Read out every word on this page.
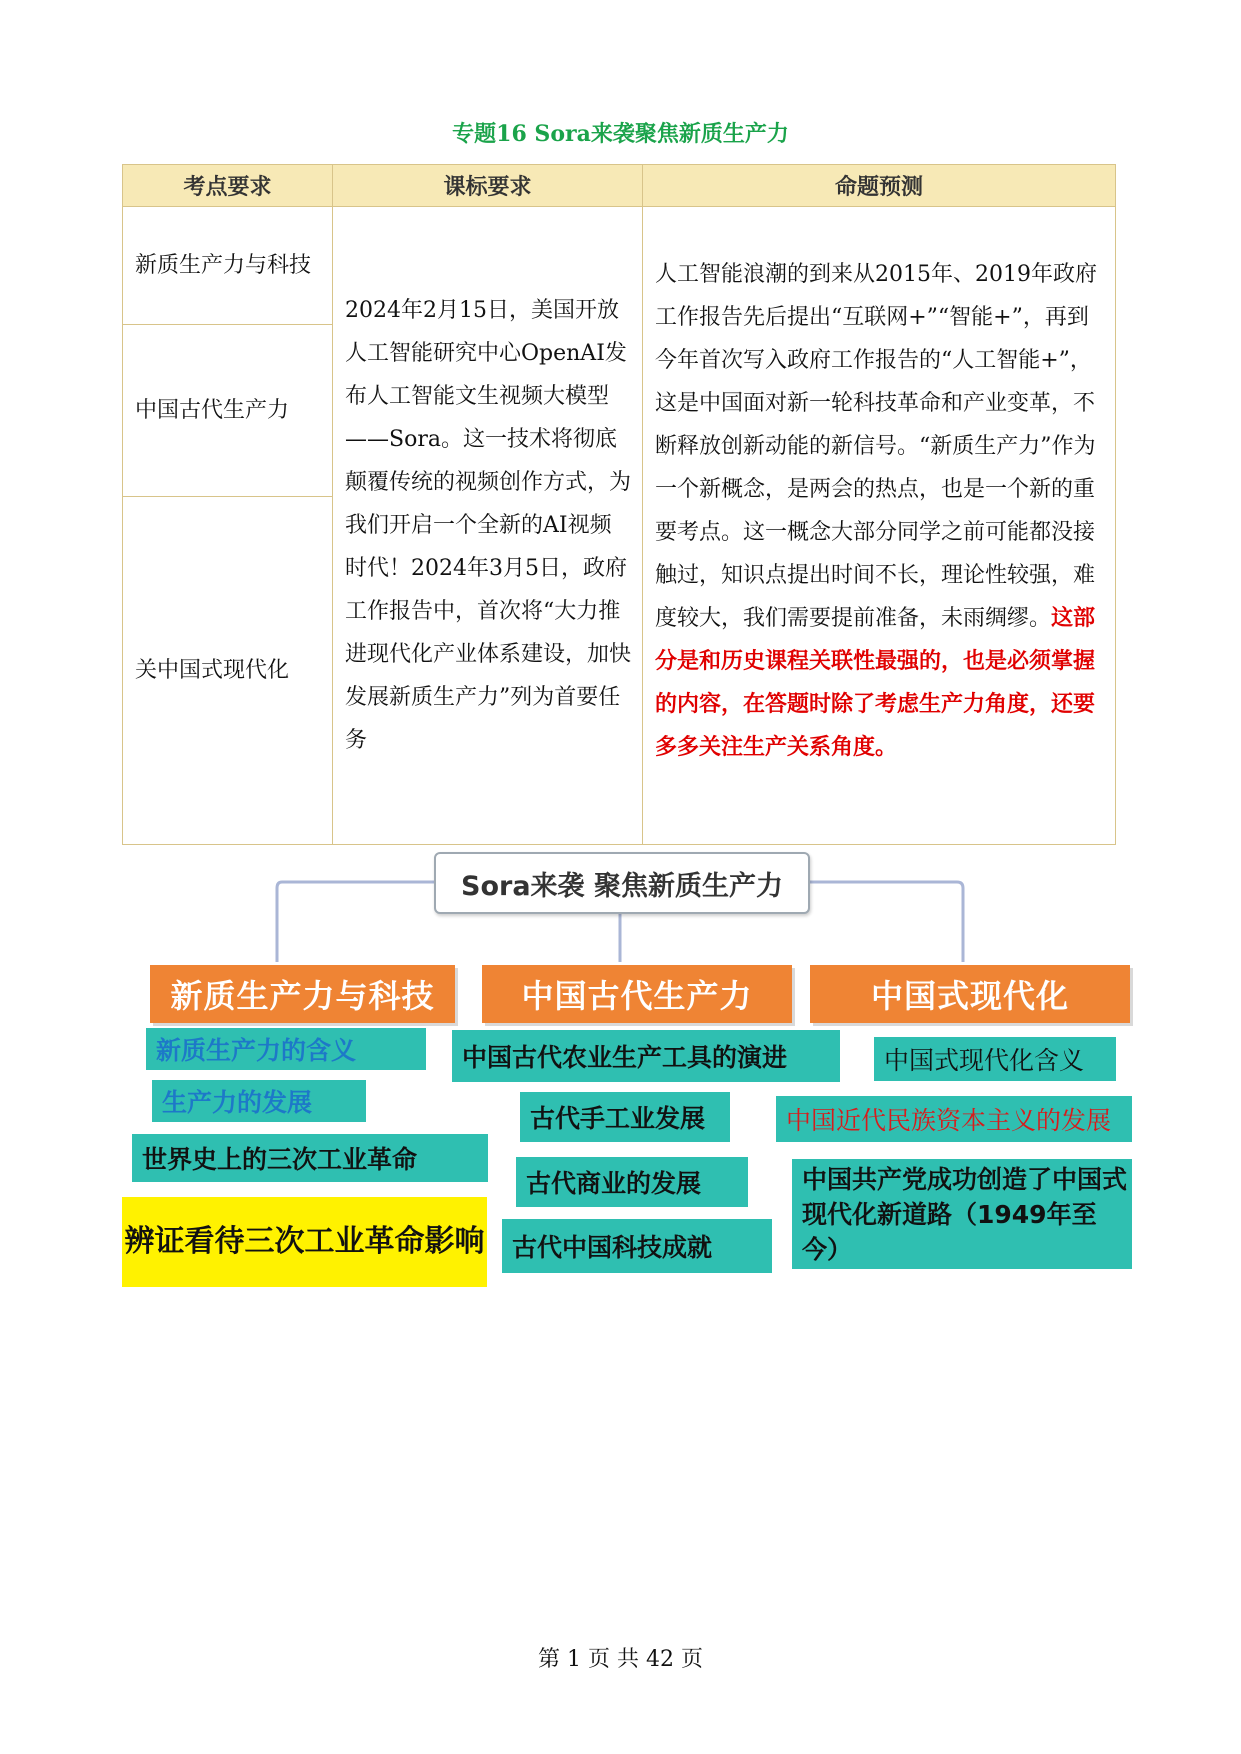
专题16 Sora来袭聚焦新质生产力
考点要求	课标要求	命题预测
新质生产力与科技	2024年2月15日，美国开放人工智能研究中心OpenAI发布人工智能文生视频大模型——Sora。这一技术将彻底颠覆传统的视频创作方式，为我们开启一个全新的AI视频时代！2024年3月5日，政府工作报告中，首次将“大力推进现代化产业体系建设，加快发展新质生产力”列为首要任务	人工智能浪潮的到来从2015年、2019年政府工作报告先后提出“互联网+”“智能+”，再到今年首次写入政府工作报告的“人工智能+”，这是中国面对新一轮科技革命和产业变革，不断释放创新动能的新信号。“新质生产力”作为一个新概念，是两会的热点，也是一个新的重要考点。这一概念大部分同学之前可能都没接触过，知识点提出时间不长，理论性较强，难度较大，我们需要提前准备，未雨绸缪。这部分是和历史课程关联性最强的，也是必须掌握的内容，在答题时除了考虑生产力角度，还要多多关注生产关系角度。
中国古代生产力		
关中国式现代化		
Sora来袭 聚焦新质生产力
新质生产力与科技	中国古代生产力	中国式现代化
新质生产力的含义
生产力的发展
世界史上的三次工业革命
辨证看待三次工业革命影响
中国古代农业生产工具的演进
古代手工业发展
古代商业的发展
古代中国科技成就
中国式现代化含义
中国近代民族资本主义的发展
中国共产党成功创造了中国式现代化新道路（1949年至今）
第 1 页 共 42 页
